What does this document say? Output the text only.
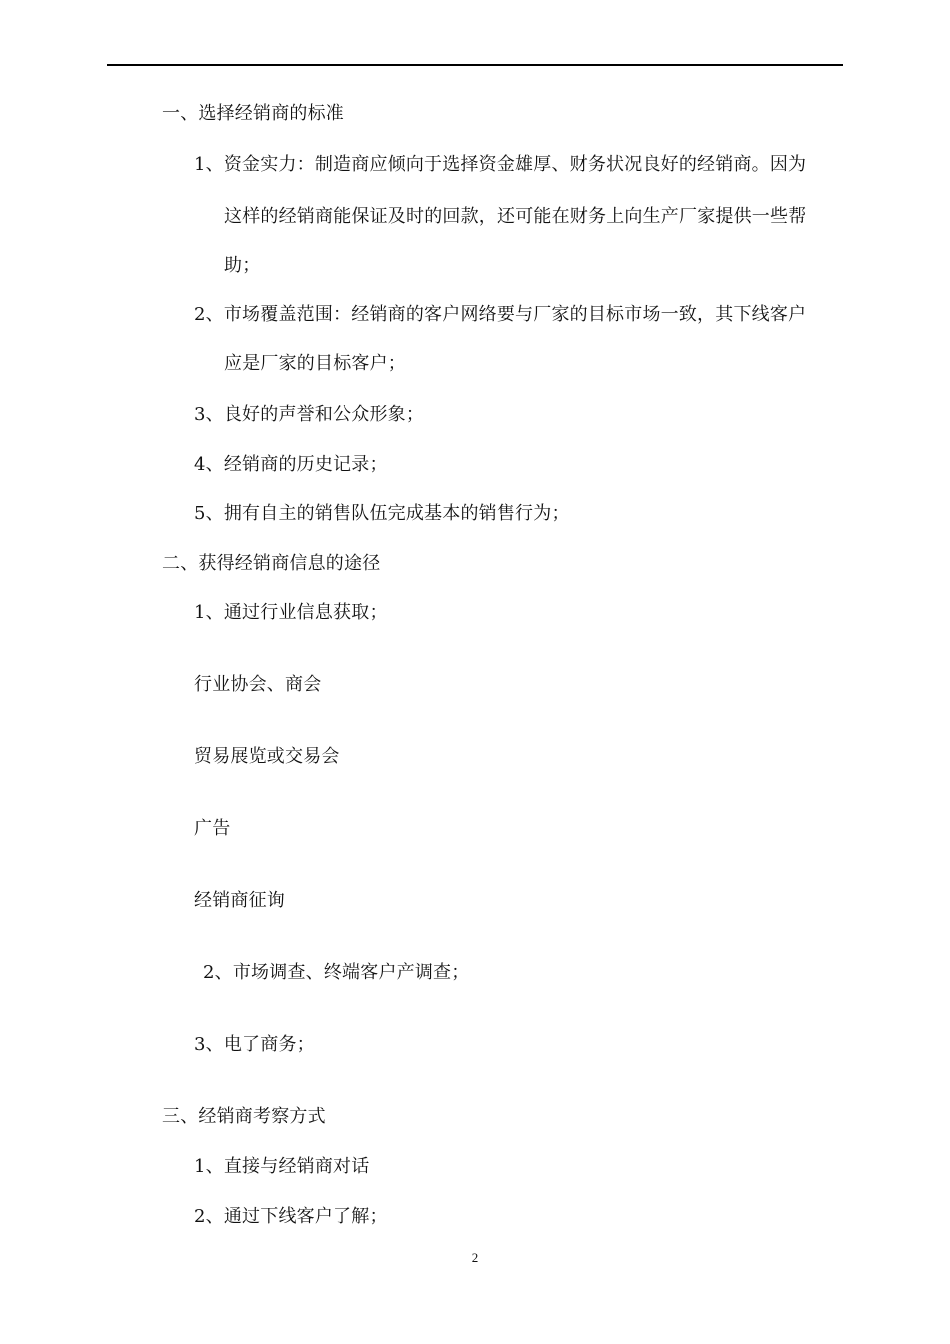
一、选择经销商的标准
1、资金实力：制造商应倾向于选择资金雄厚、财务状况良好的经销商。因为
这样的经销商能保证及时的回款，还可能在财务上向生产厂家提供一些帮
助；
2、市场覆盖范围：经销商的客户网络要与厂家的目标市场一致，其下线客户
应是厂家的目标客户；
3、良好的声誉和公众形象；
4、经销商的历史记录；
5、拥有自主的销售队伍完成基本的销售行为；
二、获得经销商信息的途径
1、通过行业信息获取；
行业协会、商会
贸易展览或交易会
广告
经销商征询
2、市场调查、终端客户产调查；
3、电了商务；
三、经销商考察方式
1、直接与经销商对话
2、通过下线客户了解；
2
